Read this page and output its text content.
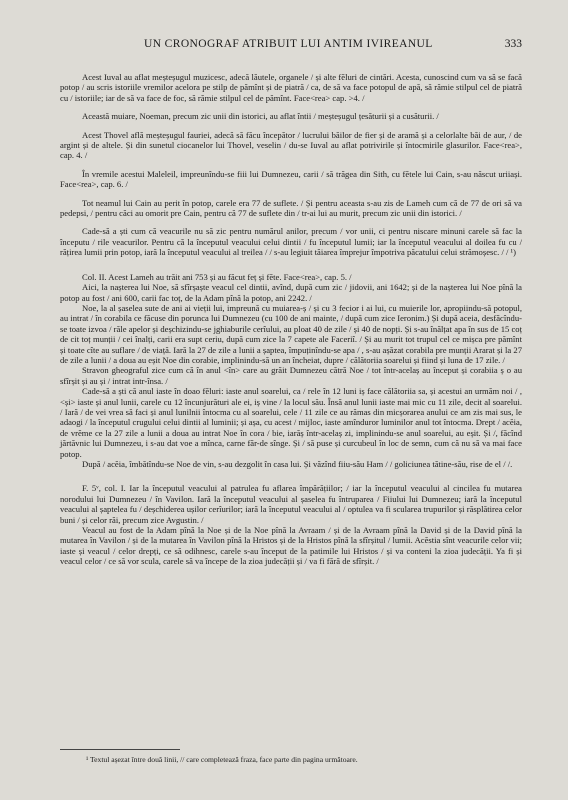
UN CRONOGRAF ATRIBUIT LUI ANTIM IVIREANUL	333

Acest Iuval au aflat meșteșugul muzicesc, adecă lăutele, organele / și alte fĕluri de cintări. Acesta, cunoscind cum va să se facă potop / au scris istoriile vremilor acelora pe stilp de pămînt și de piatră / ca, de să va face potopul de apă, să rămie stilpul cel de piatră cu / istoriile; iar de să va face de foc, să rămie stilpul cel de pămînt. Face<rea> cap. >4. /

Această muiare, Noeman, precum zic unii din istorici, au aflat întii / meșteșugul țesăturii și a cusăturii. /

Acest Thovel află meșteșugul fauriei, adecă să făcu începător / lucrului băilor de fier și de aramă și a celorlalte băi de aur, / de argint și de altele. Și din sunetul ciocanelor lui Thovel, veselin / du-se Iuval au aflat potrivirile și întocmirile glasurilor. Face<rea>, cap. 4. /

În vremile acestui Maleleil, impreunîndu-se fiii lui Dumnezeu, carii / să trăgea din Sith, cu fĕtele lui Cain, s-au născut uriiași. Face<rea>, cap. 6. /

Tot neamul lui Cain au perit în potop, carele era 77 de suflete. / Și pentru aceasta s-au zis de Lameh cum că de 77 de ori să va pedepsi, / pentru căci au omorit pre Cain, pentru că 77 de suflete din / tr-ai lui au murit, precum zic unii din istorici. /

Cade-să a ști cum că veacurile nu să zic pentru numărul anilor, precum / vor unii, ci pentru niscare minuni carele să fac la începutu / rile veacurilor. Pentru că la începutul veacului celui dintii / fu începutul lumii; iar la începutul veacului al doilea fu cu / rățirea lumii prin potop, iară la începutul veacului al treilea / / s-au legiuit tăiarea împrejur împotriva păcatului celui strămoșesc. / / ¹)

Col. II. Acest Lameh au trăit ani 753 și au făcut feț și fĕte. Face<rea>, cap. 5. /

Aici, la nașterea lui Noe, să sfîrșaște veacul cel dintii, avînd, după cum zic / jidovii, ani 1642; și de la nașterea lui Noe pînă la potop au fost / ani 600, carii fac toț, de la Adam pînă la potop, ani 2242. /

Noe, la al șaselea sute de ani ai vieții lui, impreună cu muiarea-ș / și cu 3 fecior i ai lui, cu muierile lor, apropiindu-să potopul, au intrat / în corabila ce făcuse din porunca lui Dumnezeu (cu 100 de ani mainte, / după cum zice Ieronim.) Și după aceia, desfăcîndu-se toate izvoa / răle apelor și deșchizindu-se jghiaburile cerîului, au ploat 40 de zile / și 40 de nopți. Și s-au înălțat apa în sus de 15 coț de cit toț munții / cei înalți, carii era supt ceriu, după cum zice la 7 capete ale Faceriî. / Și au murit tot trupul cel ce mișca pre pămînt și toate cîte au suflare / de viață. Iară la 27 de zile a lunii a șaptea, împuținîndu-se apa / , s-au așăzat corabila pre munții Ararat și la 27 de zile a lunii / a doua au eșit Noe din corabie, implinindu-să un an încheiat, dupre / călătoriia soarelui și fiind și luna de 17 zile. /

Stravon gheograful zice cum că în anul <în> care au grăit Dumnezeu cătră Noe / tot într-acelaș au început și corabiia ș o au sfîrșit și au și / intrat intr-însa. /

Cade-să a ști că anul iaste în doao fĕluri: iaste anul soarelui, ca / rele în 12 luni iș face călătoriia sa, și acestui an urmăm noi / , <și> iaste și anul lunii, carele cu 12 încunjurături ale ei, iș vine / la locul său. Însă anul lunii iaste mai mic cu 11 zile, decit al soarelui. / Iară / de vei vrea să faci și anul lunilnii întocma cu al soarelui, cele / 11 zile ce au rămas din micșorarea anului ce am zis mai sus, le adaogi / la începutul crugului celui dintii al luminii; și așa, cu acest / mijloc, iaste amînduror luminilor anul tot întocma. Drept / acĕia, de vrĕme ce la 27 zile a lunii a doua au intrat Noe în cora / bie, iarăș într-acelaș zi, implinindu-se anul soarelui, au eșit. Și /, făcînd jărtăvnic lui Dumnezeu, i s-au dat voe a mînca, carne făr-de sînge. Și / să puse și curcubeul în loc de semn, cum că nu să va mai face potop.

După / acĕia, îmbătîndu-se Noe de vin, s-au dezgolit în casa lui. Și văzînd fiiu-său Ham / / goliciunea tătine-său, rise de el / /.

F. 5ᵛ, col. I. Iar la începutul veacului al patrulea fu aflarea împărățiilor; / iar la începutul veacului al cincilea fu mutarea norodului lui Dumnezeu / în Vavilon. Iară la începutul veacului al șaselea fu întruparea / Fiiului lui Dumnezeu; iară la începutul veacului al șaptelea fu / deșchiderea ușilor cerîurilor; iară la începutul veacului al / optulea va fi scularea trupurilor și răsplătirea celor buni / și celor răi, precum zice Avgustin. /

Veacul au fost de la Adam pînă la Noe și de la Noe pînă la Avraam / și de la Avraam pînă la David și de la David pînă la mutarea în Vavilon / și de la mutarea în Vavilon pînă la Hristos și de la Hristos pînă la sfîrșitul / lumii. Acĕstia sînt veacurile celor vii; iaste și veacul / celor drepți, ce să odihnesc, carele s-au început de la patimile lui Hristos / și va conteni la zioa judecății. Ya fi și veacul celor / ce să vor scula, carele să va începe de la zioa judecății și / va fi fără de sfîrșit. /

¹ Textul așezat între două linii, // care completează fraza, face parte din pagina următoare.
